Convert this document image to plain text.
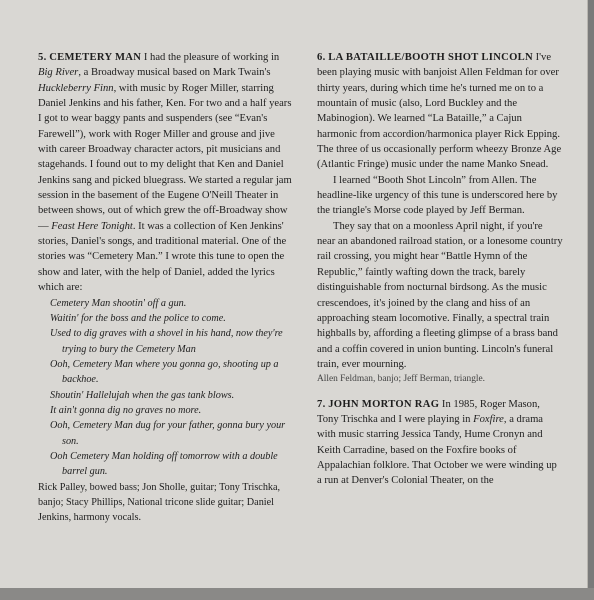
5. CEMETERY MAN I had the pleasure of working in Big River, a Broadway musical based on Mark Twain's Huckleberry Finn, with music by Roger Miller, starring Daniel Jenkins and his father, Ken. For two and a half years I got to wear baggy pants and suspenders (see “Evan's Farewell”), work with Roger Miller and grouse and jive with career Broadway character actors, pit musicians and stagehands. I found out to my delight that Ken and Daniel Jenkins sang and picked bluegrass. We started a regular jam session in the basement of the Eugene O'Neill Theater in between shows, out of which grew the off-Broadway show — Feast Here Tonight. It was a collection of Ken Jenkins' stories, Daniel's songs, and traditional material. One of the stories was “Cemetery Man.” I wrote this tune to open the show and later, with the help of Daniel, added the lyrics which are:

Cemetery Man shootin' off a gun.
Waitin' for the boss and the police to come.
Used to dig graves with a shovel in his hand, now they're trying to bury the Cemetery Man
Ooh, Cemetery Man where you gonna go, shooting up a backhoe.
Shoutin' Hallelujah when the gas tank blows.
It ain't gonna dig no graves no more.
Ooh, Cemetery Man dug for your father, gonna bury your son.
Ooh Cemetery Man holding off tomorrow with a double barrel gun.

Rick Palley, bowed bass; Jon Sholle, guitar; Tony Trischka, banjo; Stacy Phillips, National tricone slide guitar; Daniel Jenkins, harmony vocals.

6. LA BATAILLE/BOOTH SHOT LINCOLN I've been playing music with banjoist Allen Feldman for over thirty years, during which time he's turned me on to a mountain of music (also, Lord Buckley and the Mabinogion). We learned “La Bataille,” a Cajun harmonic from accordion/harmonica player Rick Epping. The three of us occasionally perform wheezy Bronze Age (Atlantic Fringe) music under the name Manko Snead.

I learned “Booth Shot Lincoln” from Allen. The headline-like urgency of this tune is underscored here by the triangle's Morse code played by Jeff Berman.

They say that on a moonless April night, if you're near an abandoned railroad station, or a lonesome country rail crossing, you might hear “Battle Hymn of the Republic,” faintly wafting down the track, barely distinguishable from nocturnal birdsong. As the music crescendoes, it's joined by the clang and hiss of an approaching steam locomotive. Finally, a spectral train highballs by, affording a fleeting glimpse of a brass band and a coffin covered in union bunting. Lincoln's funeral train, ever mourning.

Allen Feldman, banjo; Jeff Berman, triangle.

7. JOHN MORTON RAG In 1985, Roger Mason, Tony Trischka and I were playing in Foxfire, a drama with music starring Jessica Tandy, Hume Cronyn and Keith Carradine, based on the Foxfire books of Appalachian folklore. That October we were winding up a run at Denver's Colonial Theater, on the
